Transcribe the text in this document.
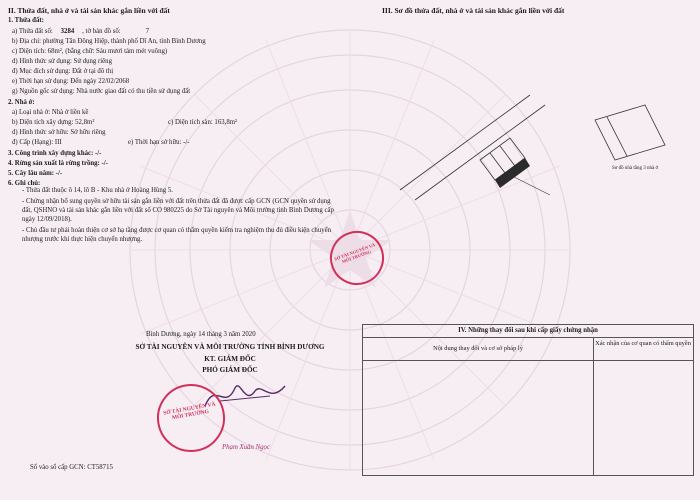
II. Thửa đất, nhà ở và tài sản khác gắn liền với đất	III. Sơ đồ thửa đất, nhà ở và tài sản khác gắn liền với đất
1. Thửa đất:
a) Thửa đất số: 3284 , tờ bản đồ số:	7
b) Địa chỉ: phường Tân Đông Hiệp, thành phố Dĩ An, tỉnh Bình Dương
c) Diện tích: 68m², (bằng chữ: Sáu mươi tám mét vuông)
d) Hình thức sử dụng: Sử dụng riêng
đ) Mục đích sử dụng: Đất ở tại đô thị
e) Thời hạn sử dụng: Đến ngày 22/02/2068
g) Nguồn gốc sử dụng: Nhà nước giao đất có thu tiền sử dụng đất
2. Nhà ở:
a) Loại nhà ở: Nhà ở liền kề
b) Diện tích xây dựng: 52,8m²	c) Diện tích sàn: 163,8m²
d) Hình thức sở hữu: Sở hữu riêng
đ) Cấp (Hạng): III	e) Thời hạn sở hữu: -/-
3. Công trình xây dựng khác: -/-
4. Rừng sản xuất là rừng trồng: -/-
5. Cây lâu năm: -/-
6. Ghi chú:

- Thửa đất thuộc ô 14, lô B - Khu nhà ở Hoàng Hùng 5.

- Chứng nhận bổ sung quyền sở hữu tài sản gắn liền với đất trên thửa đất đã được cấp GCN (GCN quyền sử dụng đất, QSHNO và tài sản khác gắn liền với đất số CO 980225 do Sở Tài nguyên và Môi trường tỉnh Bình Dương cấp ngày 12/09/2018).

- Chủ đầu tư phải hoàn thiện cơ sở hạ tầng được cơ quan có thẩm quyền kiểm tra nghiệm thu đủ điều kiện chuyển nhượng trước khi thực hiện chuyển nhượng.

Bình Dương, ngày 14 tháng 3 năm 2020
SỞ TÀI NGUYÊN VÀ MÔI TRƯỜNG TỈNH BÌNH DƯƠNG
KT. GIÁM ĐỐC
PHÓ GIÁM ĐỐC
SỞ TÀI NGUYÊN VÀ MÔI TRƯỜNG
Phạm Xuân Ngọc
Số vào sổ cấp GCN: CT58715
SỞ TÀI NGUYÊN VÀ MÔI TRƯỜNG
Sơ đồ nhà tầng 3 nhà ở
IV. Những thay đổi sau khi cấp giấy chứng nhận
Nội dung thay đổi và cơ sở pháp lý
Xác nhận của cơ quan có thẩm quyền
